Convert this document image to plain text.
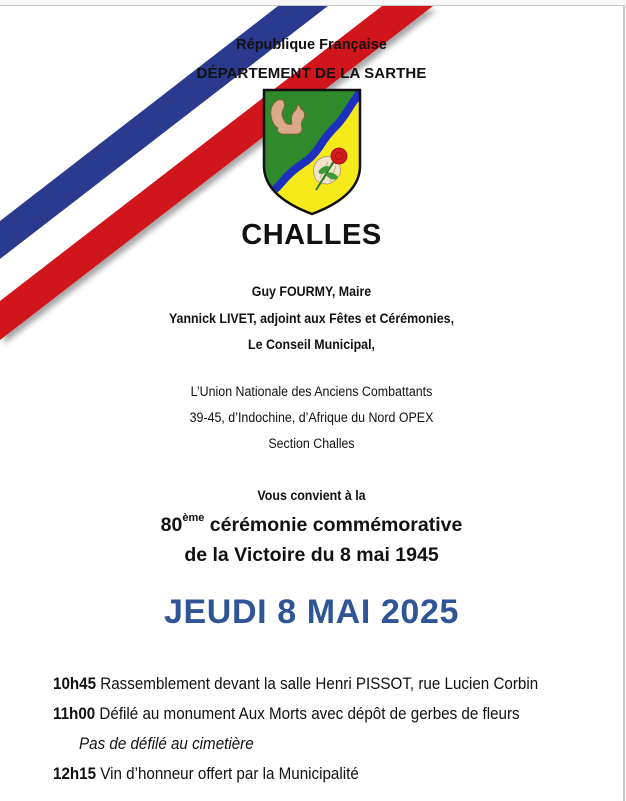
République Française
DÉPARTEMENT DE LA SARTHE
CHALLES
Guy FOURMY, Maire
Yannick LIVET, adjoint aux Fêtes et Cérémonies,
Le Conseil Municipal,
L’Union Nationale des Anciens Combattants
39-45, d’Indochine, d’Afrique du Nord OPEX
Section Challes
Vous convient à la
80ème cérémonie commémorative
de la Victoire du 8 mai 1945
JEUDI 8 MAI 2025
10h45 Rassemblement devant la salle Henri PISSOT, rue Lucien Corbin
11h00 Défilé au monument Aux Morts avec dépôt de gerbes de fleurs
Pas de défilé au cimetière
12h15 Vin d’honneur offert par la Municipalité
